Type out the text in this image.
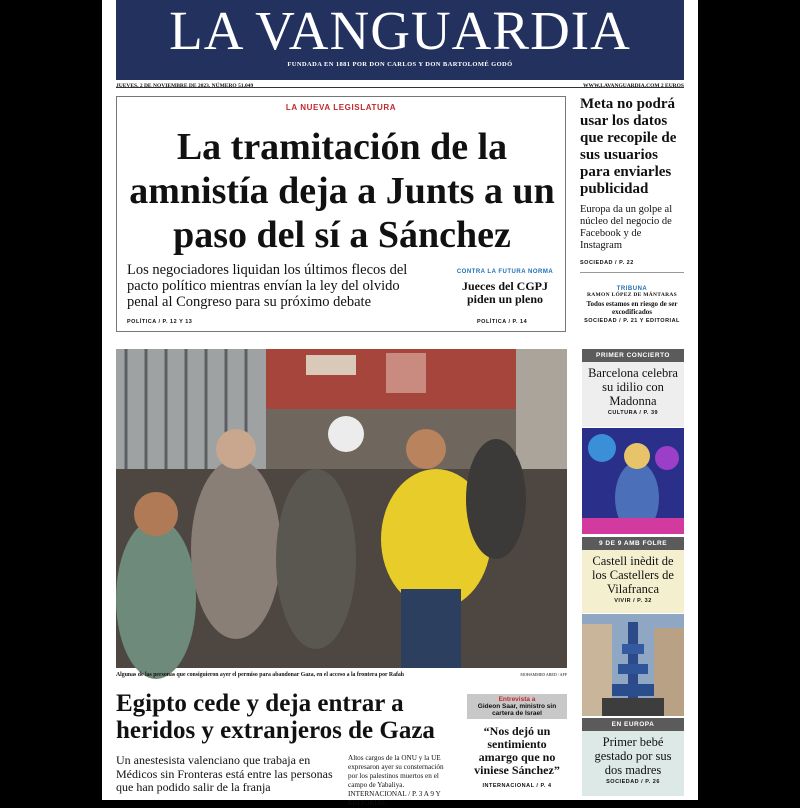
LA VANGUARDIA
FUNDADA EN 1881 POR DON CARLOS Y DON BARTOLOMÉ GODÓ
JUEVES, 2 DE NOVIEMBRE DE 2023. NÚMERO 51.049	WWW.LAVANGUARDIA.COM 2 EUROS
LA NUEVA LEGISLATURA
La tramitación de la amnistía deja a Junts a un paso del sí a Sánchez
Los negociadores liquidan los últimos flecos del pacto político mientras envían la ley del olvido penal al Congreso para su próximo debate
POLÍTICA / P. 12 Y 13
CONTRA LA FUTURA NORMA
Jueces del CGPJ piden un pleno
POLÍTICA / P. 14
Meta no podrá usar los datos que recopile de sus usuarios para enviarles publicidad
Europa da un golpe al núcleo del negocio de Facebook y de Instagram
SOCIEDAD / P. 22
TRIBUNA
RAMON LÓPEZ DE MÁNTARAS
Todos estamos en riesgo de ser excodificados
SOCIEDAD / P. 21 Y EDITORIAL
Algunas de las personas que consiguieron ayer el permiso para abandonar Gaza, en el acceso a la frontera por Rafah	MOHAMMED ABED / AFP
Egipto cede y deja entrar a heridos y extranjeros de Gaza
Un anestesista valenciano que trabaja en Médicos sin Fronteras está entre las personas que han podido salir de la franja
Altos cargos de la ONU y la UE expresaron ayer su consternación por los palestinos muertos en el campo de Yabaliya. INTERNACIONAL / P. 3 A 9 Y EDITORIAL
Entrevista a
Gideon Saar, ministro sin cartera de Israel
“Nos dejó un sentimiento amargo que no viniese Sánchez”
INTERNACIONAL / P. 4
PRIMER CONCIERTO
Barcelona celebra su idilio con Madonna
CULTURA / P. 39
9 DE 9 AMB FOLRE
Castell inèdit de los Castellers de Vilafranca
VIVIR / P. 32
EN EUROPA
Primer bebé gestado por sus dos madres
SOCIEDAD / P. 26
